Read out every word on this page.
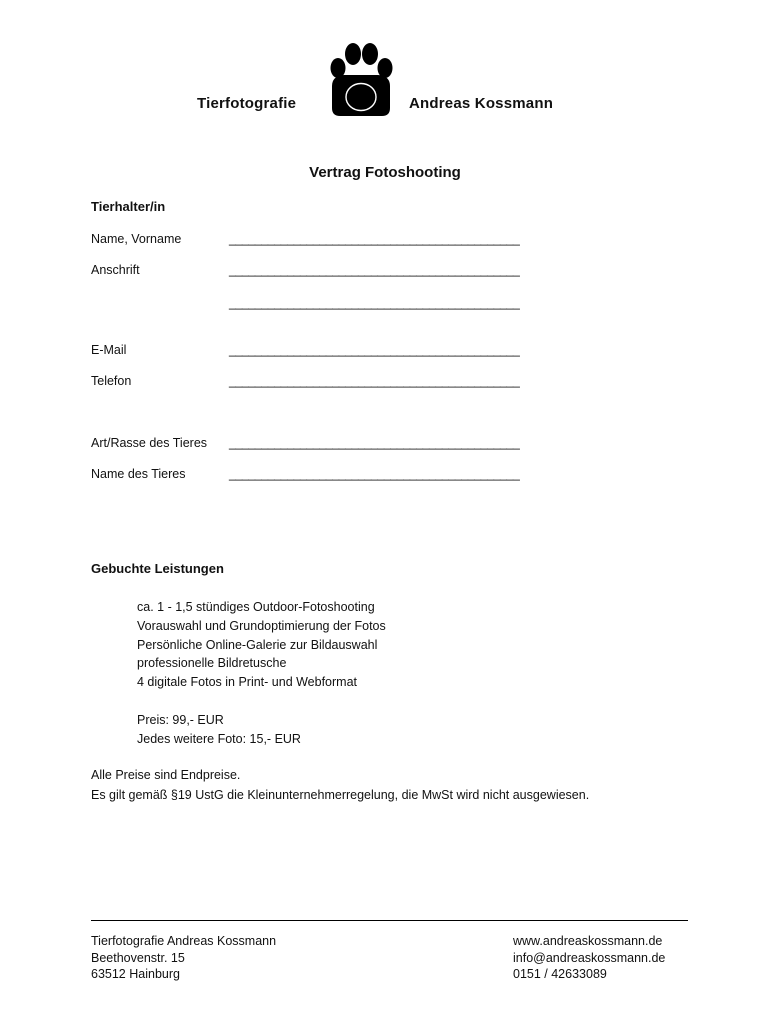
Tierfotografie	Andreas Kossmann
Vertrag Fotoshooting
Tierhalter/in
Name, Vorname	_____________________________________________
Anschrift	_____________________________________________
_____________________________________________
E-Mail	_____________________________________________
Telefon	_____________________________________________
Art/Rasse des Tieres _____________________________________________
Name des Tieres	_____________________________________________
Gebuchte Leistungen
ca. 1 - 1,5 stündiges Outdoor-Fotoshooting
Vorauswahl und Grundoptimierung der Fotos
Persönliche Online-Galerie zur Bildauswahl
professionelle Bildretusche
4 digitale Fotos in Print- und Webformat
Preis: 99,- EUR
Jedes weitere Foto: 15,- EUR
Alle Preise sind Endpreise.
Es gilt gemäß §19 UstG die Kleinunternehmerregelung, die MwSt wird nicht ausgewiesen.
Tierfotografie Andreas Kossmann
Beethovenstr. 15
63512 Hainburg
www.andreaskossmann.de
info@andreaskossmann.de
0151 / 42633089
